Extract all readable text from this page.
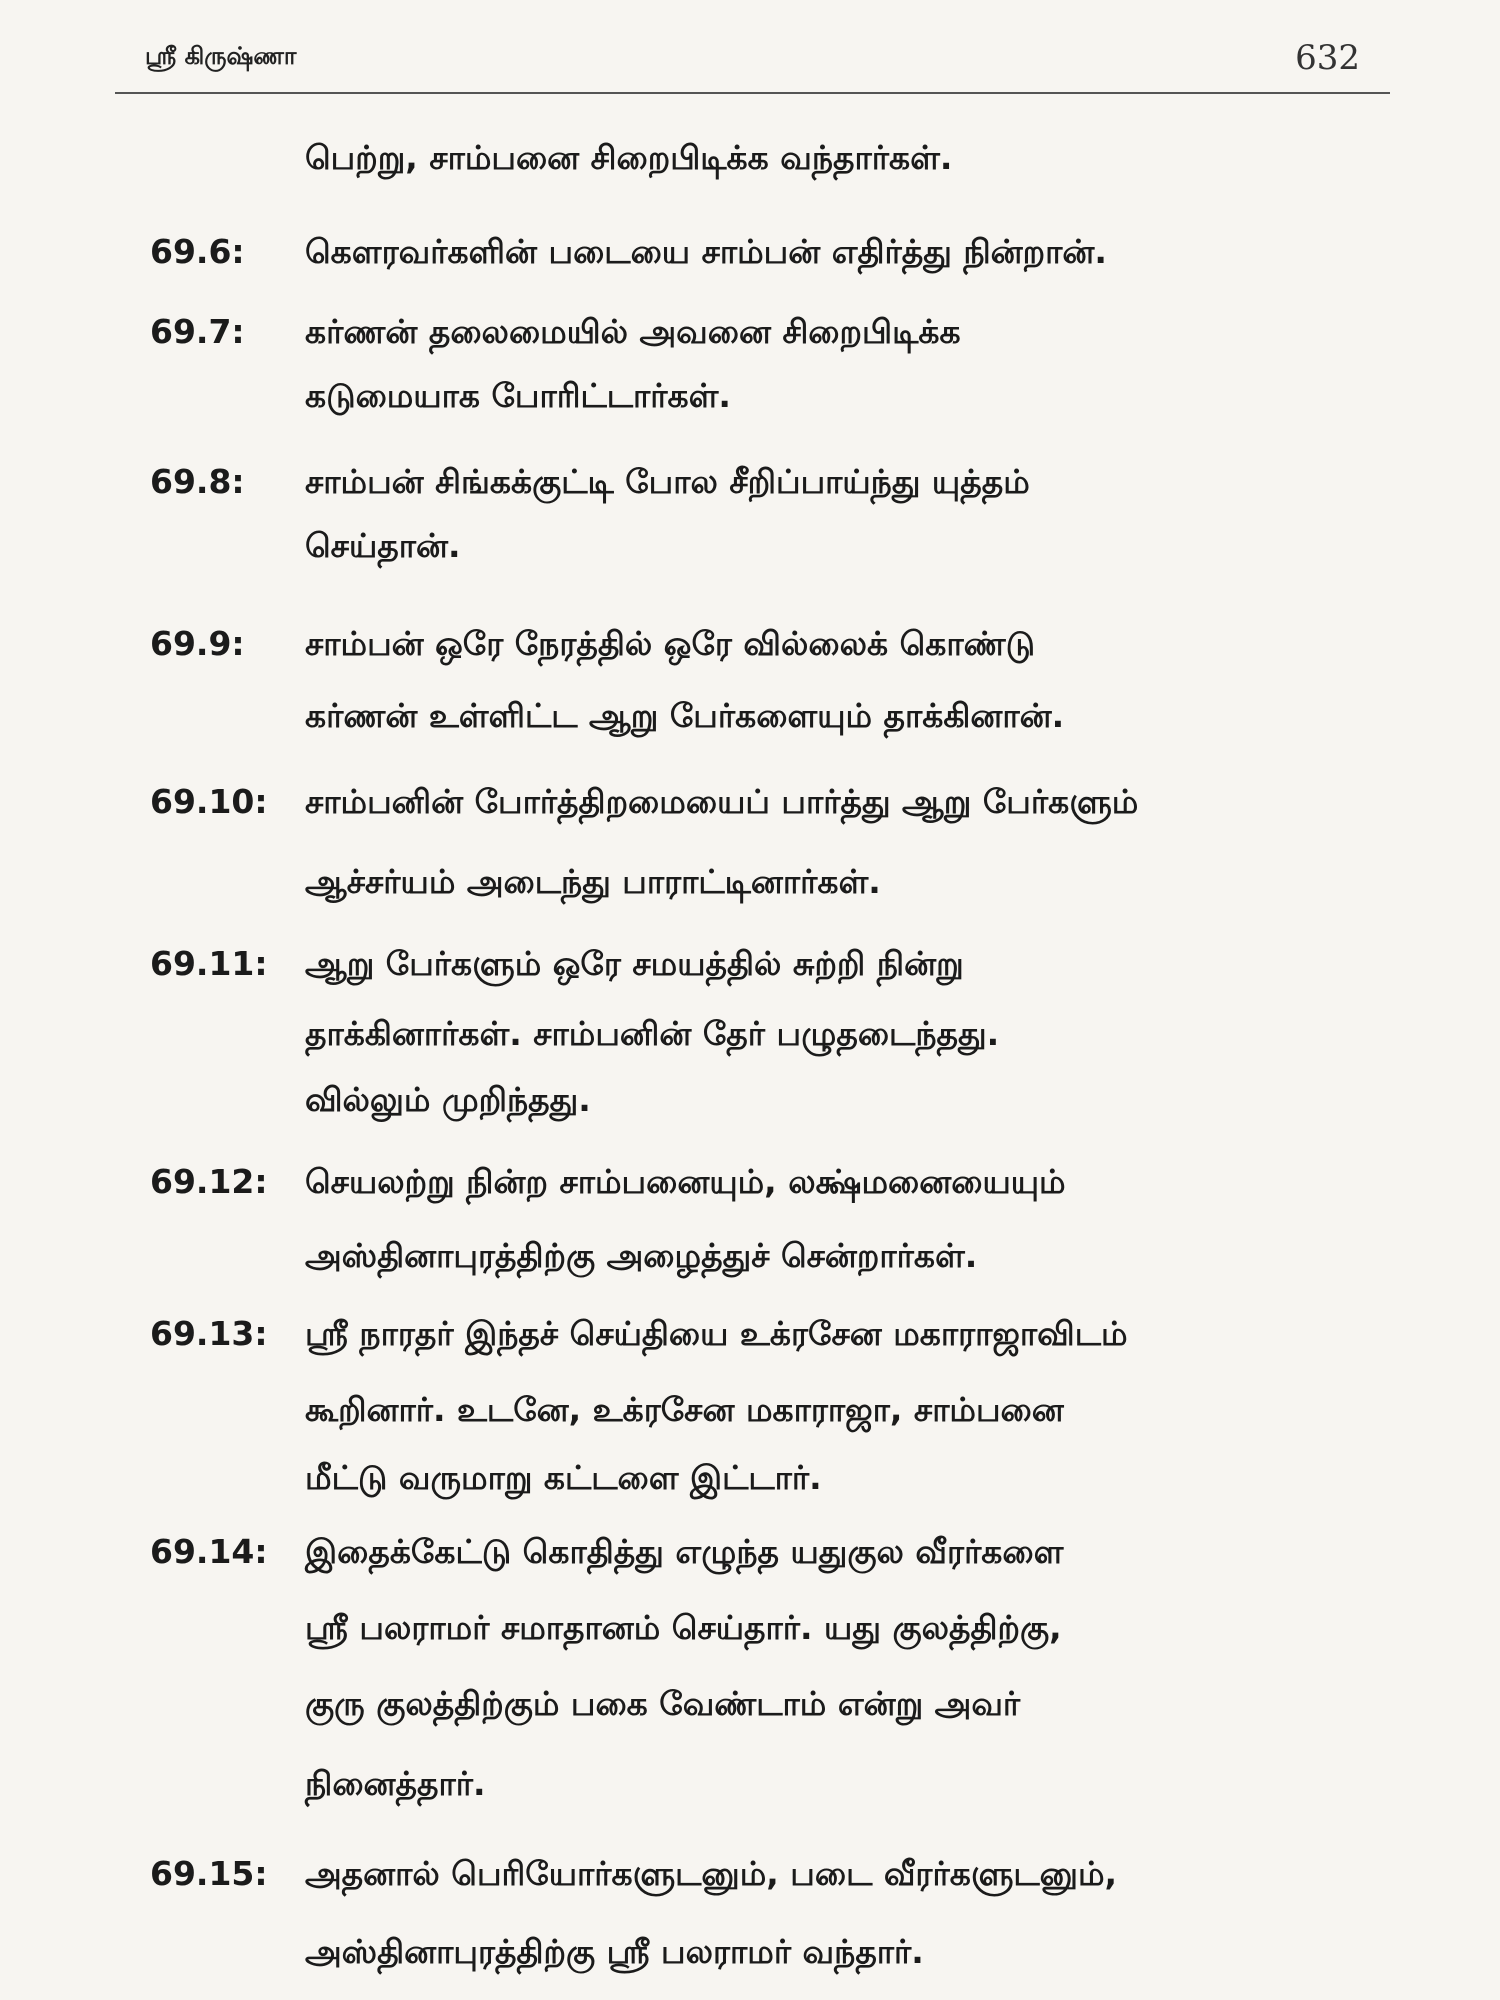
ஸ்ரீ கிருஷ்ணா	632
பெற்று, சாம்பனை சிறைபிடிக்க வந்தார்கள்.
69.6: கௌரவர்களின் படையை சாம்பன் எதிர்த்து நின்றான்.
69.7: கர்ணன் தலைமையில் அவனை சிறைபிடிக்க
கடுமையாக போரிட்டார்கள்.
69.8: சாம்பன் சிங்கக்குட்டி போல சீறிப்பாய்ந்து யுத்தம்
செய்தான்.
69.9: சாம்பன் ஒரே நேரத்தில் ஒரே வில்லைக் கொண்டு
கர்ணன் உள்ளிட்ட ஆறு பேர்களையும் தாக்கினான்.
69.10: சாம்பனின் போர்த்திறமையைப் பார்த்து ஆறு பேர்களும்
ஆச்சர்யம் அடைந்து பாராட்டினார்கள்.
69.11: ஆறு பேர்களும் ஒரே சமயத்தில் சுற்றி நின்று
தாக்கினார்கள். சாம்பனின் தேர் பழுதடைந்தது.
வில்லும் முறிந்தது.
69.12: செயலற்று நின்ற சாம்பனையும், லக்ஷ்மனையையும்
அஸ்தினாபுரத்திற்கு அழைத்துச் சென்றார்கள்.
69.13: ஸ்ரீ நாரதர் இந்தச் செய்தியை உக்ரசேன மகாராஜாவிடம்
கூறினார். உடனே, உக்ரசேன மகாராஜா, சாம்பனை
மீட்டு வருமாறு கட்டளை இட்டார்.
69.14: இதைக்கேட்டு கொதித்து எழுந்த யதுகுல வீரர்களை
ஸ்ரீ பலராமர் சமாதானம் செய்தார். யது குலத்திற்கு,
குரு குலத்திற்கும் பகை வேண்டாம் என்று அவர்
நினைத்தார்.
69.15: அதனால் பெரியோர்களுடனும், படை வீரர்களுடனும்,
அஸ்தினாபுரத்திற்கு ஸ்ரீ பலராமர் வந்தார்.
